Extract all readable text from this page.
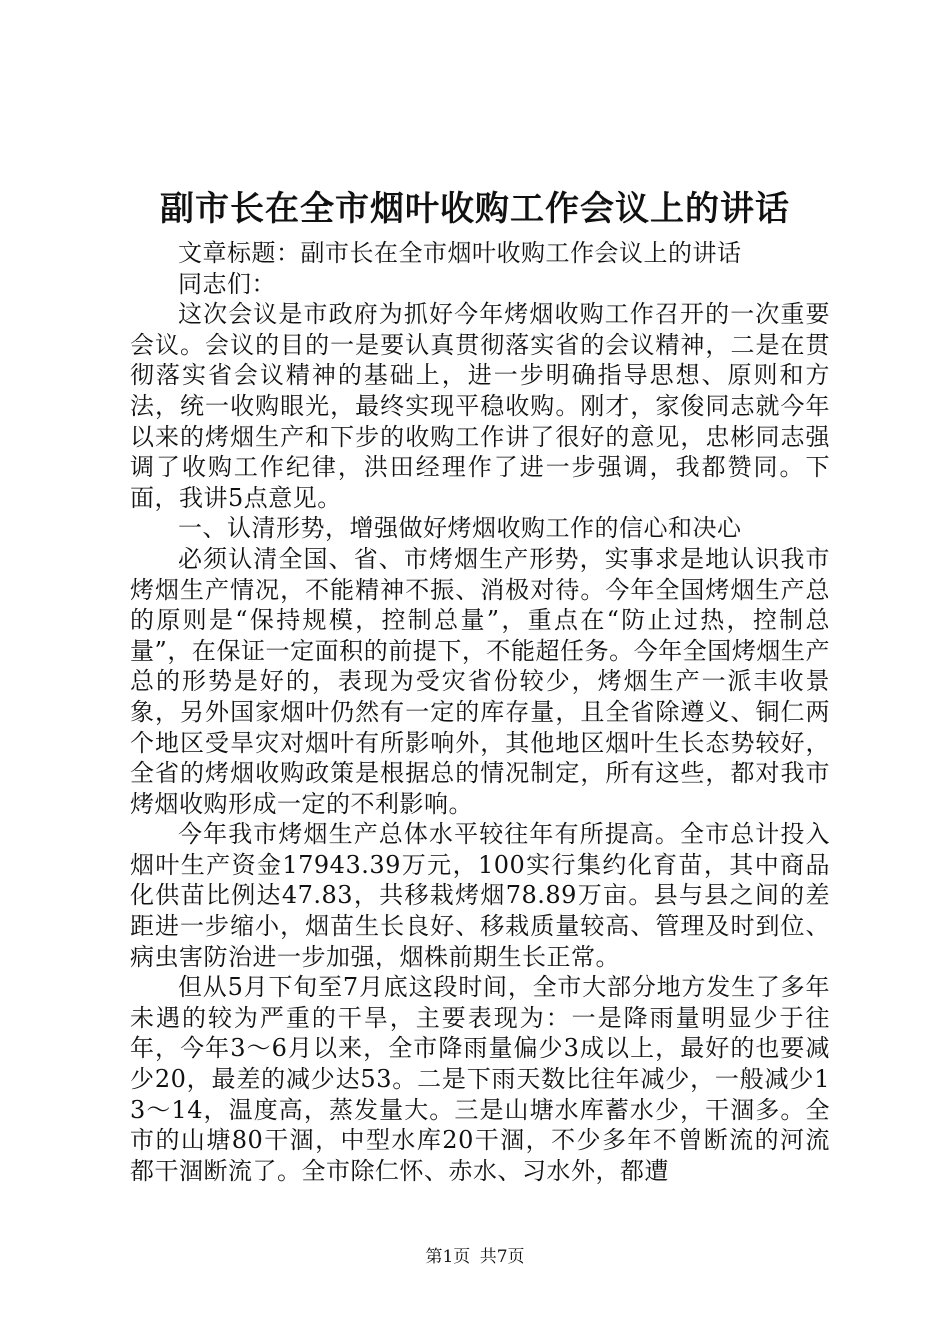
副市长在全市烟叶收购工作会议上的讲话

文章标题：副市长在全市烟叶收购工作会议上的讲话

同志们：

这次会议是市政府为抓好今年烤烟收购工作召开的一次重要会议。会议的目的一是要认真贯彻落实省的会议精神，二是在贯彻落实省会议精神的基础上，进一步明确指导思想、原则和方法，统一收购眼光，最终实现平稳收购。刚才，家俊同志就今年以来的烤烟生产和下步的收购工作讲了很好的意见，忠彬同志强调了收购工作纪律，洪田经理作了进一步强调，我都赞同。下面，我讲5点意见。

一、认清形势，增强做好烤烟收购工作的信心和决心

必须认清全国、省、市烤烟生产形势，实事求是地认识我市烤烟生产情况，不能精神不振、消极对待。今年全国烤烟生产总的原则是“保持规模，控制总量”，重点在“防止过热，控制总量”，在保证一定面积的前提下，不能超任务。今年全国烤烟生产总的形势是好的，表现为受灾省份较少，烤烟生产一派丰收景象，另外国家烟叶仍然有一定的库存量，且全省除遵义、铜仁两个地区受旱灾对烟叶有所影响外，其他地区烟叶生长态势较好，全省的烤烟收购政策是根据总的情况制定，所有这些，都对我市烤烟收购形成一定的不利影响。

今年我市烤烟生产总体水平较往年有所提高。全市总计投入烟叶生产资金17943.39万元，100实行集约化育苗，其中商品化供苗比例达47.83，共移栽烤烟78.89万亩。县与县之间的差距进一步缩小，烟苗生长良好、移栽质量较高、管理及时到位、病虫害防治进一步加强，烟株前期生长正常。

但从5月下旬至7月底这段时间，全市大部分地方发生了多年未遇的较为严重的干旱，主要表现为：一是降雨量明显少于往年，今年3～6月以来，全市降雨量偏少3成以上，最好的也要减少20，最差的减少达53。二是下雨天数比往年减少，一般减少13～14，温度高，蒸发量大。三是山塘水库蓄水少，干涸多。全市的山塘80干涸，中型水库20干涸，不少多年不曾断流的河流都干涸断流了。全市除仁怀、赤水、习水外，都遭

第1页 共7页
